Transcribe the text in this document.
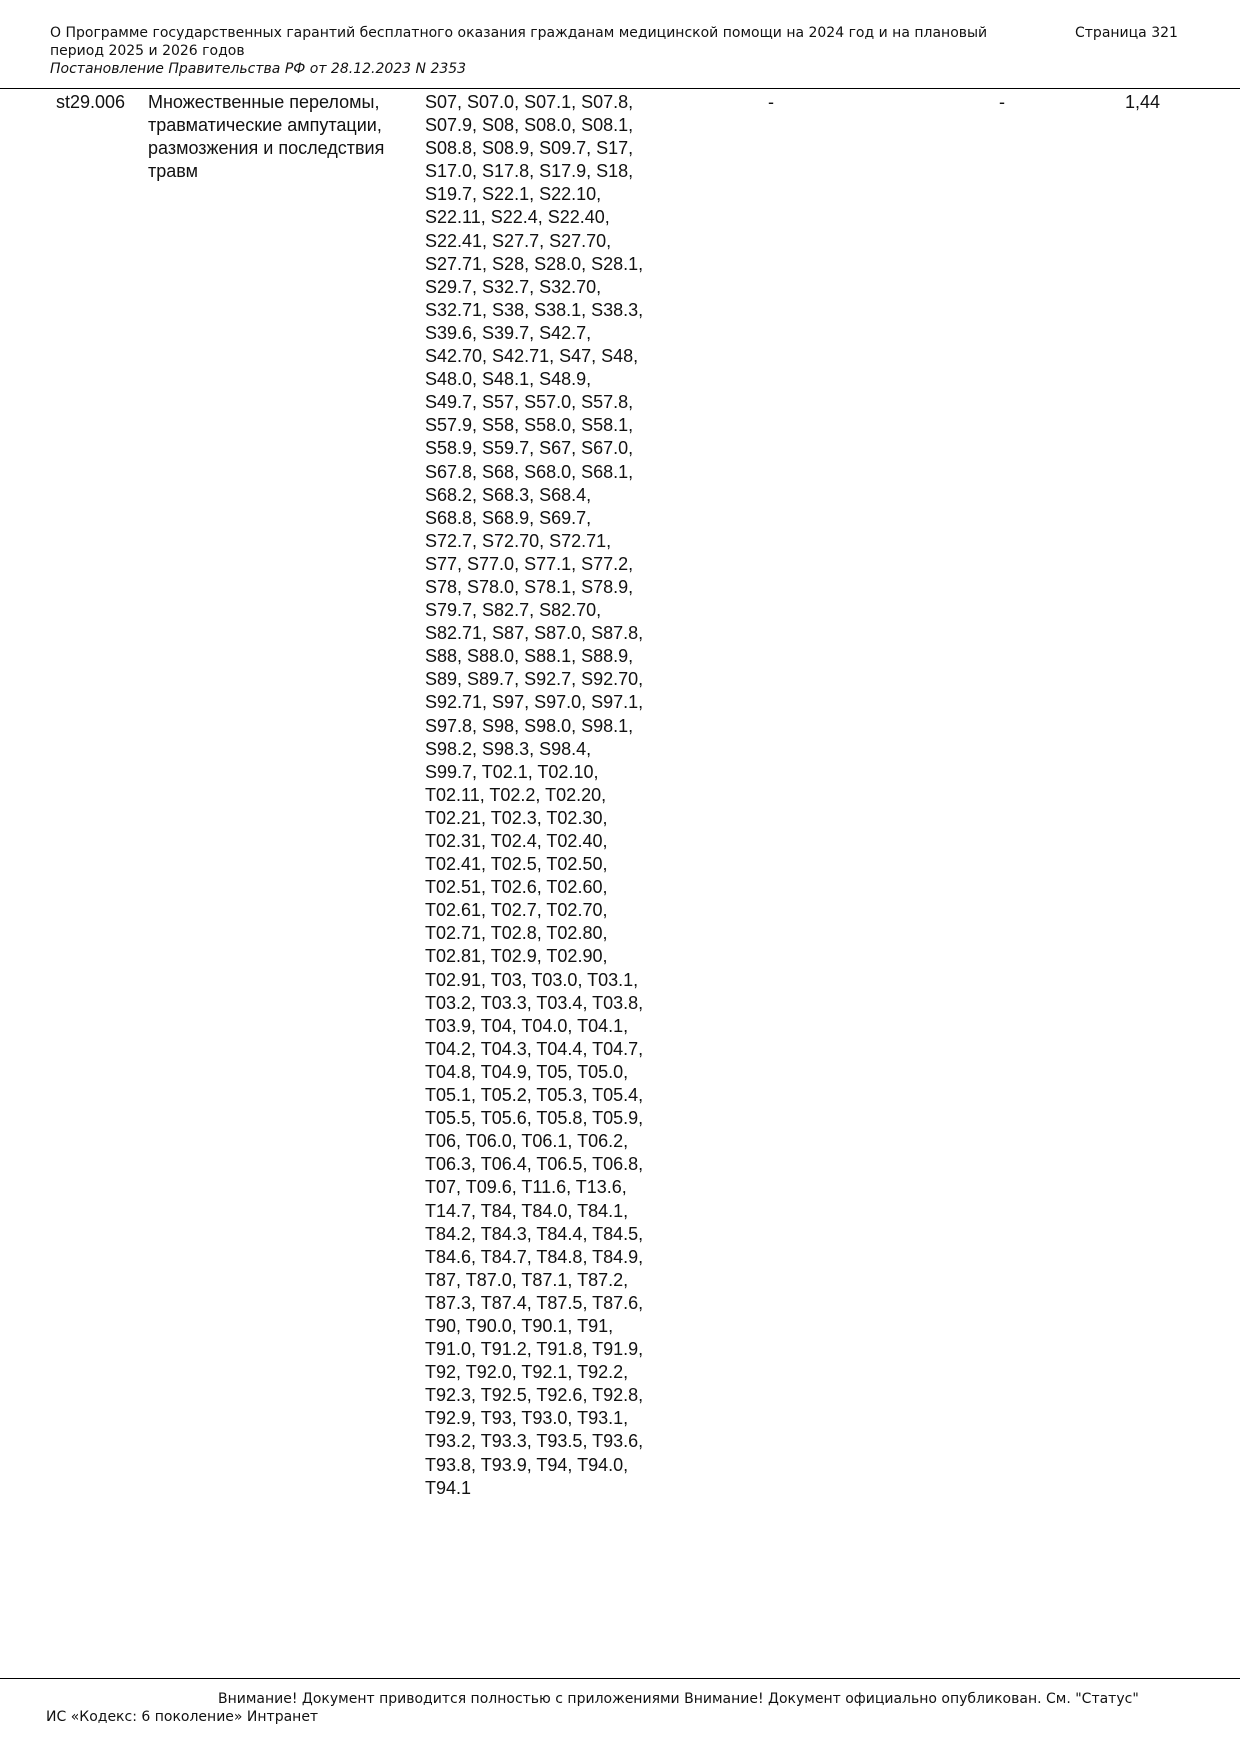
О Программе государственных гарантий бесплатного оказания гражданам медицинской помощи на 2024 год и на плановый период 2025 и 2026 годов
Страница 321
Постановление Правительства РФ от 28.12.2023 N 2353
st29.006 Множественные переломы, травматические ампутации, размозжения и последствия травм
S07, S07.0, S07.1, S07.8, S07.9, S08, S08.0, S08.1, S08.8, S08.9, S09.7, S17, S17.0, S17.8, S17.9, S18, S19.7, S22.1, S22.10, S22.11, S22.4, S22.40, S22.41, S27.7, S27.70, S27.71, S28, S28.0, S28.1, S29.7, S32.7, S32.70, S32.71, S38, S38.1, S38.3, S39.6, S39.7, S42.7, S42.70, S42.71, S47, S48, S48.0, S48.1, S48.9, S49.7, S57, S57.0, S57.8, S57.9, S58, S58.0, S58.1, S58.9, S59.7, S67, S67.0, S67.8, S68, S68.0, S68.1, S68.2, S68.3, S68.4, S68.8, S68.9, S69.7, S72.7, S72.70, S72.71, S77, S77.0, S77.1, S77.2, S78, S78.0, S78.1, S78.9, S79.7, S82.7, S82.70, S82.71, S87, S87.0, S87.8, S88, S88.0, S88.1, S88.9, S89, S89.7, S92.7, S92.70, S92.71, S97, S97.0, S97.1, S97.8, S98, S98.0, S98.1, S98.2, S98.3, S98.4, S99.7, T02.1, T02.10, T02.11, T02.2, T02.20, T02.21, T02.3, T02.30, T02.31, T02.4, T02.40, T02.41, T02.5, T02.50, T02.51, T02.6, T02.60, T02.61, T02.7, T02.70, T02.71, T02.8, T02.80, T02.81, T02.9, T02.90, T02.91, T03, T03.0, T03.1, T03.2, T03.3, T03.4, T03.8, T03.9, T04, T04.0, T04.1, T04.2, T04.3, T04.4, T04.7, T04.8, T04.9, T05, T05.0, T05.1, T05.2, T05.3, T05.4, T05.5, T05.6, T05.8, T05.9, T06, T06.0, T06.1, T06.2, T06.3, T06.4, T06.5, T06.8, T07, T09.6, T11.6, T13.6, T14.7, T84, T84.0, T84.1, T84.2, T84.3, T84.4, T84.5, T84.6, T84.7, T84.8, T84.9, T87, T87.0, T87.1, T87.2, T87.3, T87.4, T87.5, T87.6, T90, T90.0, T90.1, T91, T91.0, T91.2, T91.8, T91.9, T92, T92.0, T92.1, T92.2, T92.3, T92.5, T92.6, T92.8, T92.9, T93, T93.0, T93.1, T93.2, T93.3, T93.5, T93.6, T93.8, T93.9, T94, T94.0, T94.1
-	-	1,44
Внимание! Документ приводится полностью с приложениями Внимание! Документ официально опубликован. См. "Статус"
ИС «Кодекс: 6 поколение» Интранет
